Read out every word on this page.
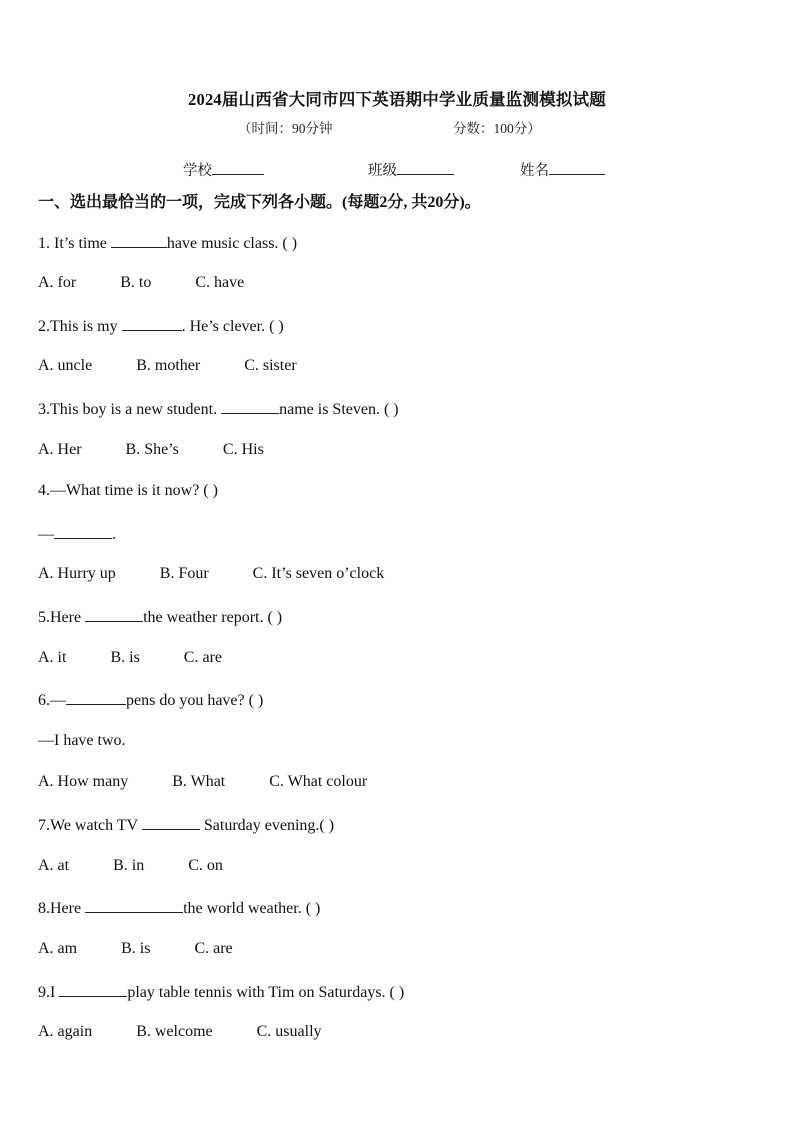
2024届山西省大同市四下英语期中学业质量监测模拟试题
（时间：90分钟	分数：100分）
学校	班级	姓名
一、选出最恰当的一项，完成下列各小题。(每题2分, 共20分)。
1. It’s time	have music class. ( )
A. for	B. to	C. have
2.This is my	. He’s clever. ( )
A. uncle	B. mother	C. sister
3.This boy is a new student.	name is Steven. ( )
A. Her	B. She’s	C. His
4.—What time is it now? ( )
—	.
A. Hurry up	B. Four	C. It’s seven o’clock
5.Here	the weather report. ( )
A. it	B. is	C. are
6.—	pens do you have? ( )
—I have two.
A. How many	B. What	C. What colour
7.We watch TV	Saturday evening.( )
A. at	B. in	C. on
8.Here	the world weather. ( )
A. am	B. is	C. are
9.I	play table tennis with Tim on Saturdays. ( )
A. again	B. welcome	C. usually
